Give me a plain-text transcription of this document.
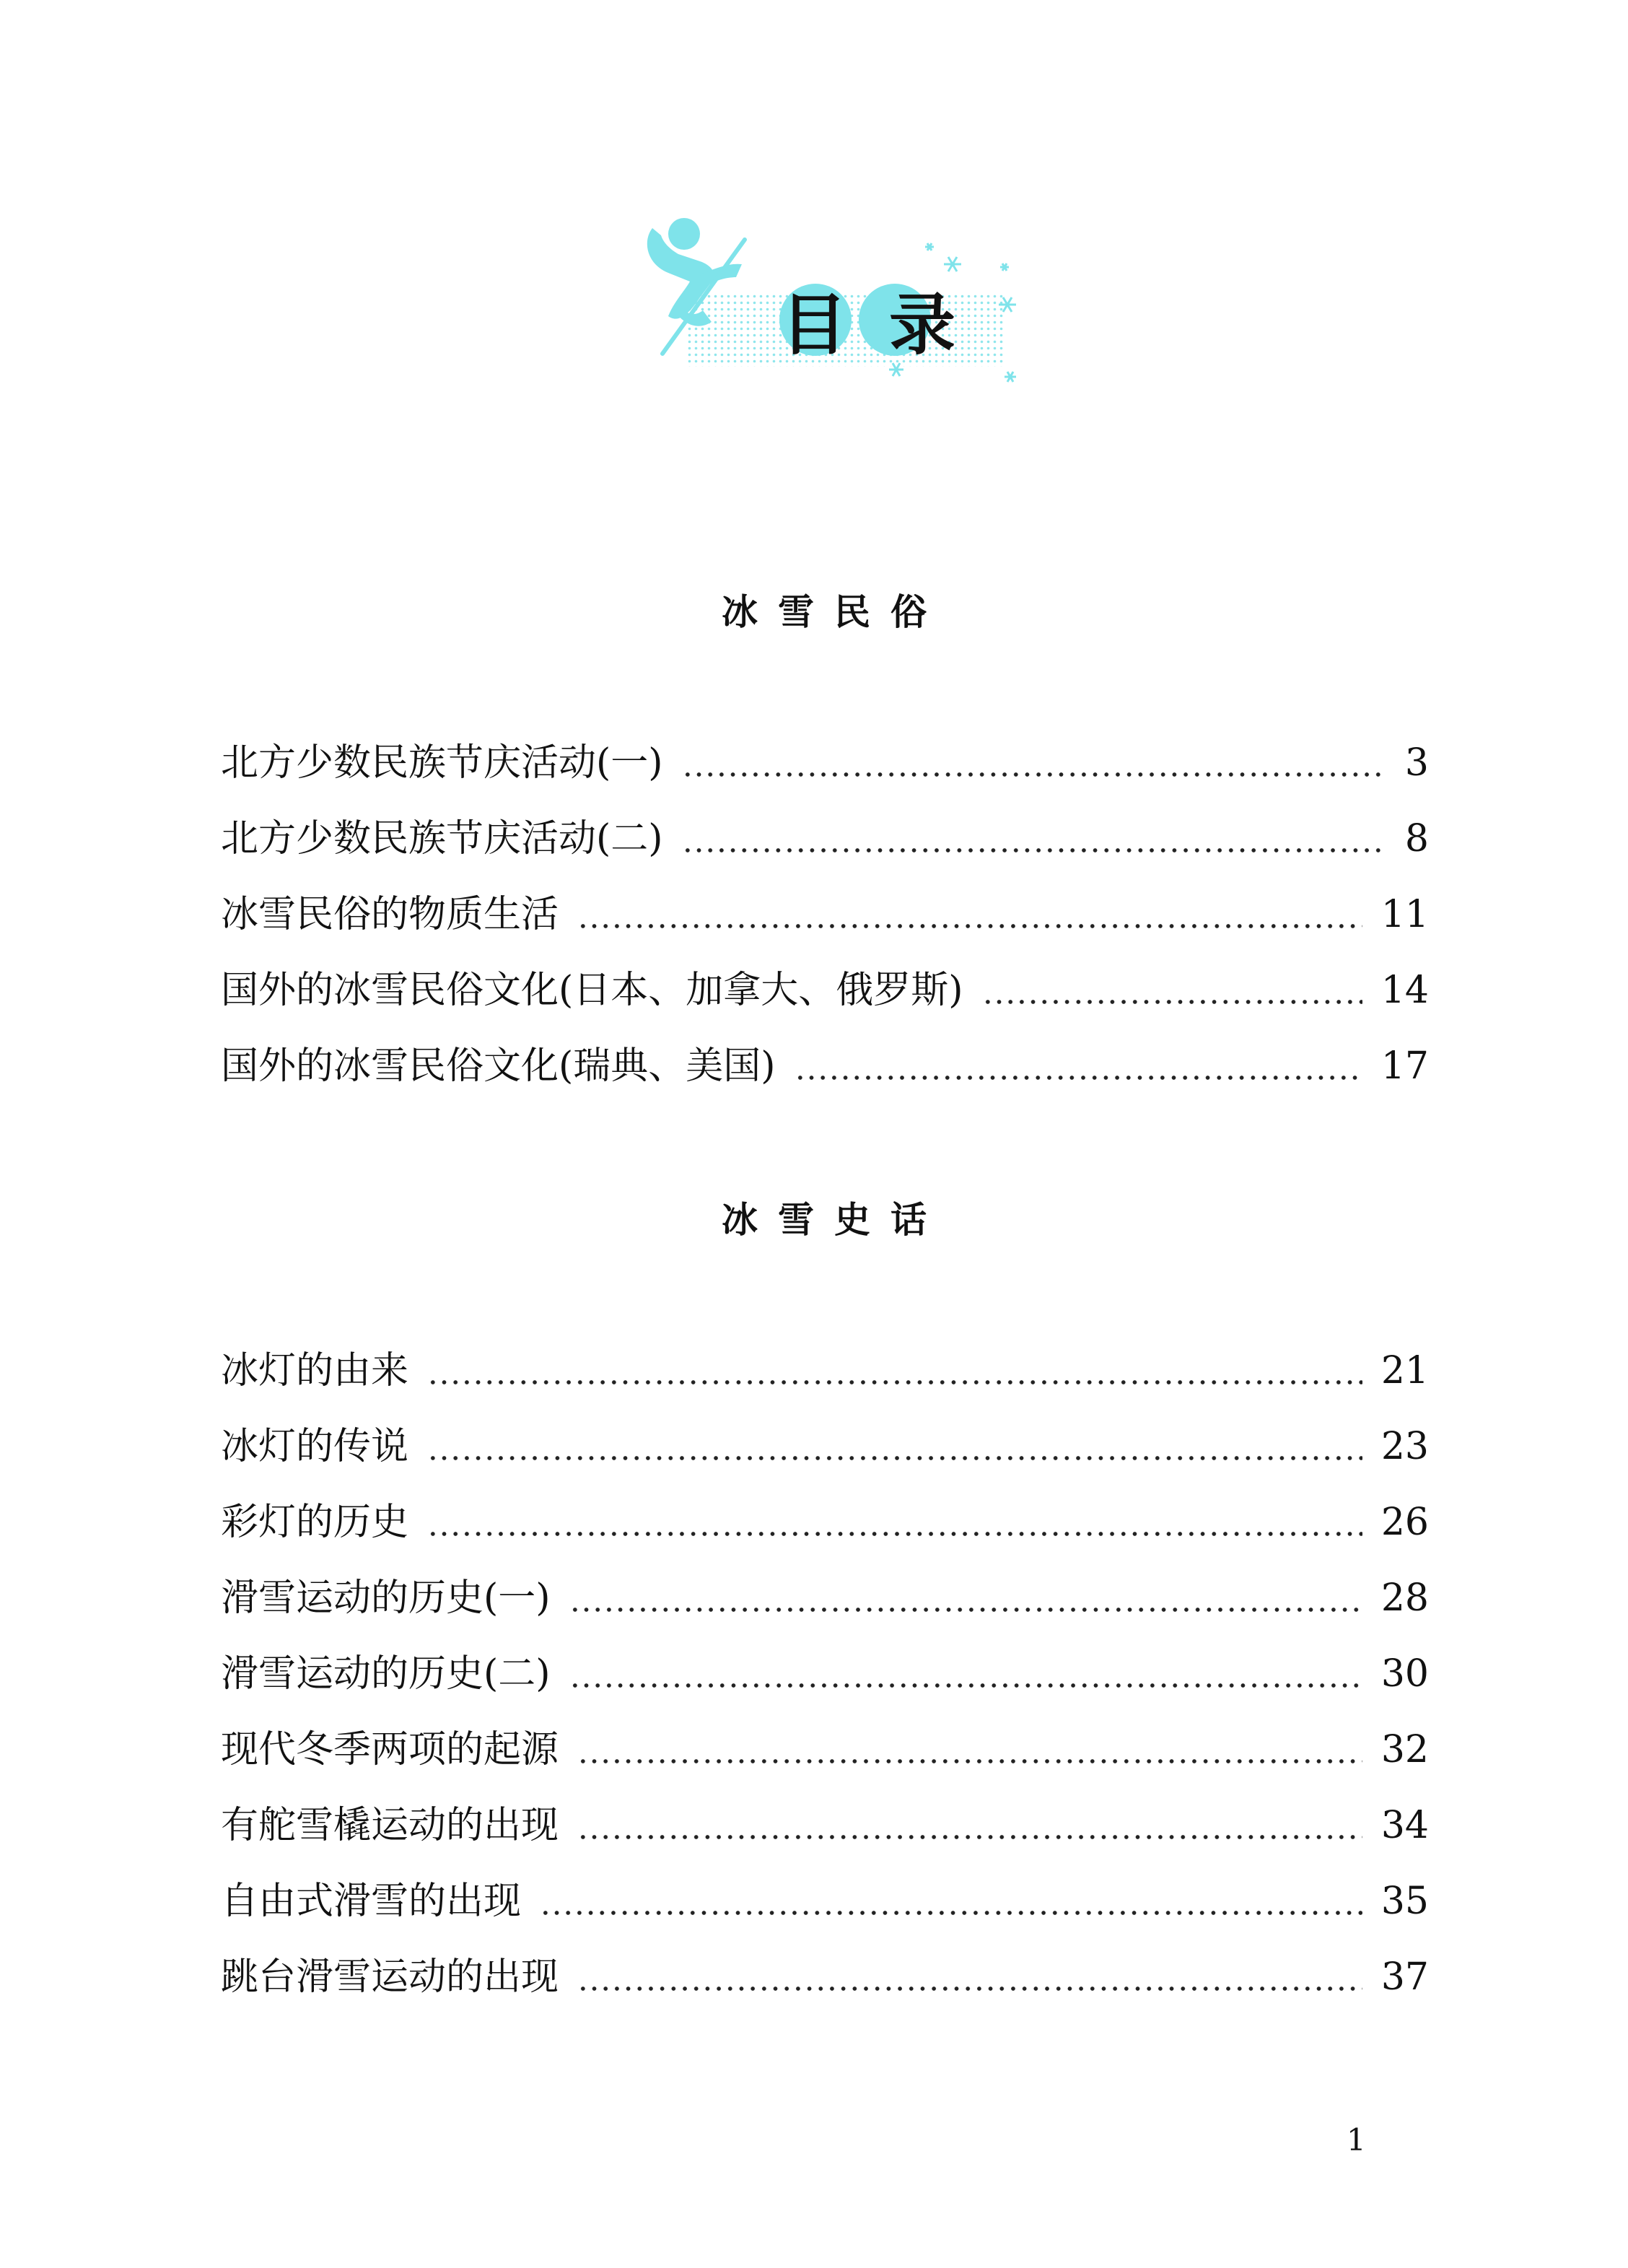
目 录
冰雪民俗
北方少数民族节庆活动(一)	3
北方少数民族节庆活动(二)	8
冰雪民俗的物质生活	11
国外的冰雪民俗文化(日本、加拿大、俄罗斯)	14
国外的冰雪民俗文化(瑞典、美国)	17
冰雪史话
冰灯的由来	21
冰灯的传说	23
彩灯的历史	26
滑雪运动的历史(一)	28
滑雪运动的历史(二)	30
现代冬季两项的起源	32
有舵雪橇运动的出现	34
自由式滑雪的出现	35
跳台滑雪运动的出现	37
1
